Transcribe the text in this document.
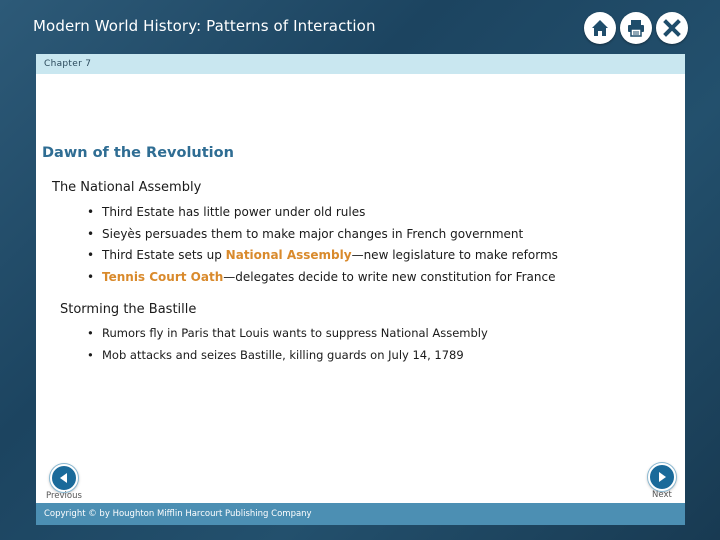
Modern World History: Patterns of Interaction
Chapter 7
Dawn of the Revolution
The National Assembly
• Third Estate has little power under old rules
• Sieyès persuades them to make major changes in French government
• Third Estate sets up National Assembly—new legislature to make reforms
• Tennis Court Oath—delegates decide to write new constitution for France
Storming the Bastille
• Rumors fly in Paris that Louis wants to suppress National Assembly
• Mob attacks and seizes Bastille, killing guards on July 14, 1789
Previous	Next
Copyright © by Houghton Mifflin Harcourt Publishing Company
